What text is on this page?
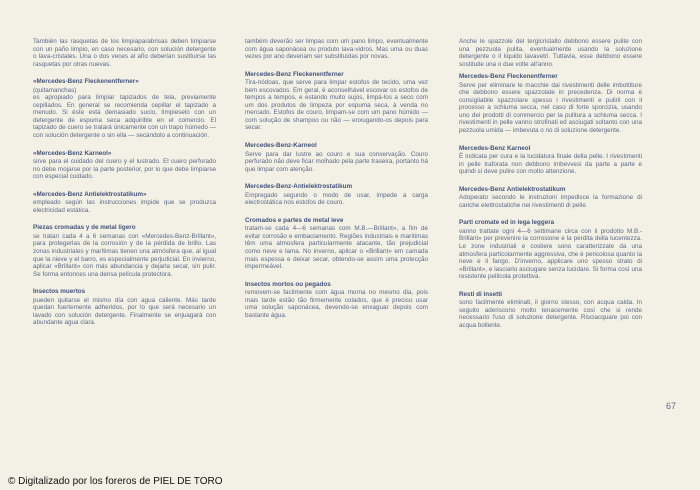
También las rasquetas de los limpiaparabrisas deben limpiarse con un paño limpio, en caso necesario, con solución detergente o lava-cristales. Una o dos veces al año deberían sustituirse las rasquetas por otras nuevas.

«Mercedes-Benz Fleckenentferner»

(quitamanchas)

es apropiado para limpiar tapizados de tela, previamente cepillados. En general se recomienda cepillar el tapizado a menudo. Si éste está demasiado sucio, límpieselo con un detergente de espuma seca adquirible en el comercio. El tapizado de cuero se tratará únicamente con un trapo húmedo — con solución detergente o sin ella — secándolo a continuación.

«Mercedes-Benz Karneol»

sirve para el cuidado del cuero y el lustrado. El cuero perforado no debe mojarse por la parte posterior, por lo que debe limpiarse con especial cuidado.

«Mercedes-Benz Antielektrostatikum»

empleado según las instrucciones impide que se produzca electricidad estática.

Piezas cromadas y de metal ligero

se tratan cada 4 a 6 semanas con «Mercedes-Benz-Brillant», para protegerlas de la corrosión y de la pérdida de brillo. Las zonas industriales y marítimas tienen una atmósfera que, al igual que la nieve y el barro, es especialmente perjudicial. En invierno, aplicar «Brillant» con más abundancia y dejarla secar, sin pulir. Se forma entonces una densa película protectora.

Insectos muertos

pueden quitarse el mismo día con agua caliente. Más tarde quedan fuertemente adheridos, por lo que será necesario un lavado con solución detergente. Finalmente se enjuagará con abundante agua clara.

também deverão ser limpas com um pano limpo, eventualmente com água saponácea ou produto lava-vidros. Mas uma ou duas vezes por ano deveriam ser substituídas por novas.

Mercedes-Benz Fleckenentferner

Tira-nódoas, que serve para limpar estofos de tecido, uma vez bem escovados. Em geral, é aconselhável escovar os estofos de tempos a tempos, e estando muito sujos, limpá-los a seco com um dos produtos de limpeza por espuma seca, à venda no mercado. Estofos de couro, limpam-se com um pano húmido — com solução de shampoo ou não — enxugando-os depois para secar.

Mercedes-Benz-Karneol

Serve para dar lustre ao couro e sua conservação. Couro perfurado não deve ficar molhado pela parte traseira, portanto há que limpar com atenção.

Mercedes-Benz-Antielektrostatikum

Empregado segundo o modo de usar, impede a carga electrostática nos estofos de couro.

Cromados e partes de metal leve

tratam-se cada 4—6 semanas com M.B.—Brillant», a fim de evitar corrosão e embaciamento. Regiões industriais e marítimas têm uma atmosfera particularmente atacante, tão prejudicial como neve e lama. No inverno, aplicar o «Brillant» em camada mais espessa e deixar secar, obtendo-se assim uma protecção impermeável.

Insectos mortos ou pegados

removem-se facilmente com água morna no mesmo dia, pois mais tarde estão tão firmemente colados, que é preciso usar uma solução saponácea, devendo-se enxaguar depois com bastante água.

Anche le spazzole del tergicristallo debbono essere pulite con una pezzuola pulita, eventualmente usando la soluzione detergente o il liquido lavavetri. Tuttavia, esse debbono essere sostituite una o due volte all'anno.

Mercedes-Benz Fleckenentferner

Serve per eliminare le macchie dai rivestimenti delle imbottiture che debbono essere spazzolate in precedenza. Di norma è consigliabile spazzolare spesso i rivestimenti e pulirli con il processo a schiuma secca, nel caso di forte sporcizia, usando uno dei prodotti di commercio per la pulitura a schiuma secca. I rivestimenti in pelle vanno strofinati ed asciugati soltanto con una pezzuola umida — imbevuta o no di soluzione detergente.

Mercedes-Benz Karneol

È indicata per cura e la lucidatura finale della pelle. I rivestimenti in pelle traforata non debbono imbevvesi da parte a parte e quindi si deve pulire con molto attenzione.

Mercedes-Benz Antielektrostatikum

Adoperato secondo le instruzioni impedisce la formazione di cariche elettrostatiche nei rivestimenti di pelle.

Parti cromate ed in lega leggera

vanno trattate ogni 4—6 settimane circa con il prodotto M.B.-Brillant» per prevenire la corrosione e la perdita della lucentezza. Le zone industriali e costiere sono caratterizzate da una atmosfera particolarmente aggressiva, che è pericolosa quanto la neve e il fango. D'inverno, applicare uno spesso strato di «Brillant», e lasciarlo asciugare senza lucidare. Si forma così una resistente pellicola protettiva.

Resti di insetti

sono facilmente eliminati, il giorno stesso, con acqua calda. In seguito aderiscono molto tenacemente così che si rende necessario l'uso di soluzione detergente. Risciacquare poi con acqua bollente.

67
© Digitalizado por los foreros de PIEL DE TORO
